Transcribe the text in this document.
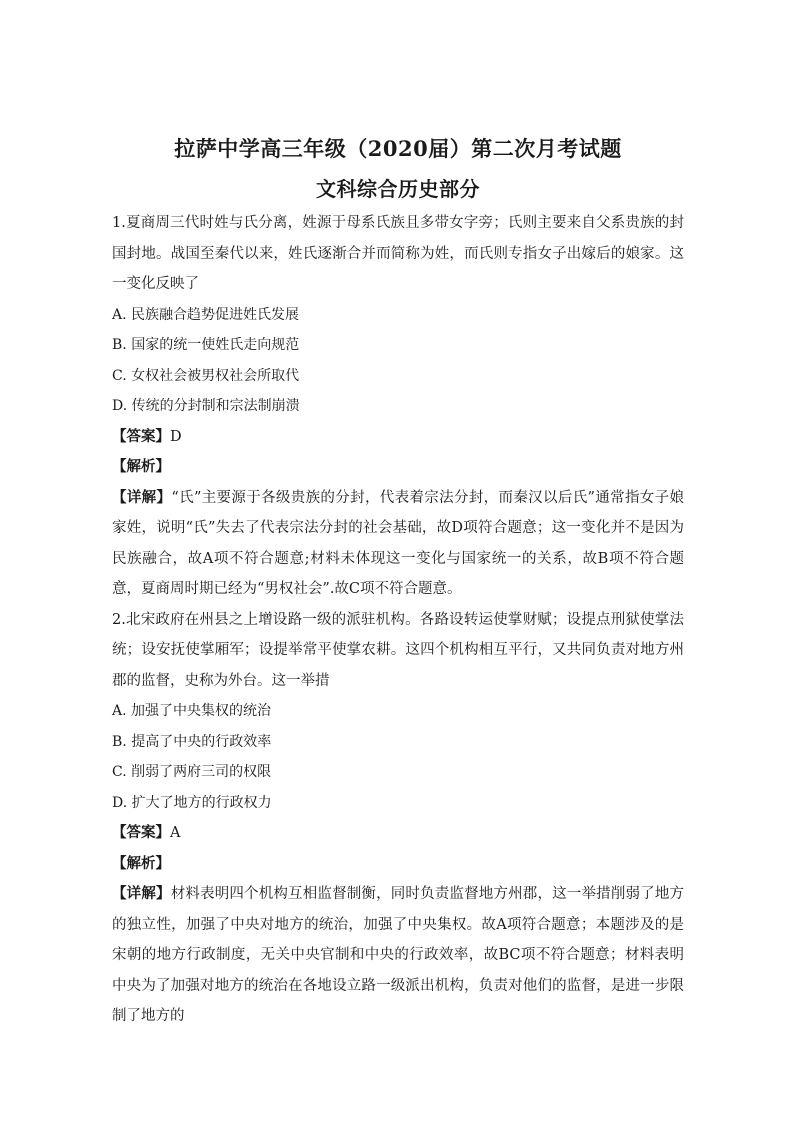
拉萨中学高三年级（2020届）第二次月考试题
文科综合历史部分

1.夏商周三代时姓与氏分离，姓源于母系氏族且多带女字旁；氏则主要来自父系贵族的封国封地。战国至秦代以来，姓氏逐渐合并而简称为姓，而氏则专指女子出嫁后的娘家。这一变化反映了

A. 民族融合趋势促进姓氏发展

B. 国家的统一使姓氏走向规范

C. 女权社会被男权社会所取代

D. 传统的分封制和宗法制崩溃

【答案】D

【解析】

【详解】“氏”主要源于各级贵族的分封，代表着宗法分封，而秦汉以后氏”通常指女子娘家姓，说明“氏”失去了代表宗法分封的社会基础，故D项符合题意；这一变化并不是因为民族融合，故A项不符合题意;材料未体现这一变化与国家统一的关系，故B项不符合题意，夏商周时期已经为“男权社会”.故C项不符合题意。

2.北宋政府在州县之上增设路一级的派驻机构。各路设转运使掌财赋；设提点刑狱使掌法统；设安抚使掌厢军；设提举常平使掌农耕。这四个机构相互平行，又共同负责对地方州郡的监督，史称为外台。这一举措

A. 加强了中央集权的统治

B. 提高了中央的行政效率

C. 削弱了两府三司的权限

D. 扩大了地方的行政权力

【答案】A

【解析】

【详解】材料表明四个机构互相监督制衡，同时负责监督地方州郡，这一举措削弱了地方的独立性，加强了中央对地方的统治，加强了中央集权。故A项符合题意；本题涉及的是宋朝的地方行政制度，无关中央官制和中央的行政效率，故BC项不符合题意；材料表明中央为了加强对地方的统治在各地设立路一级派出机构，负责对他们的监督，是进一步限制了地方的
